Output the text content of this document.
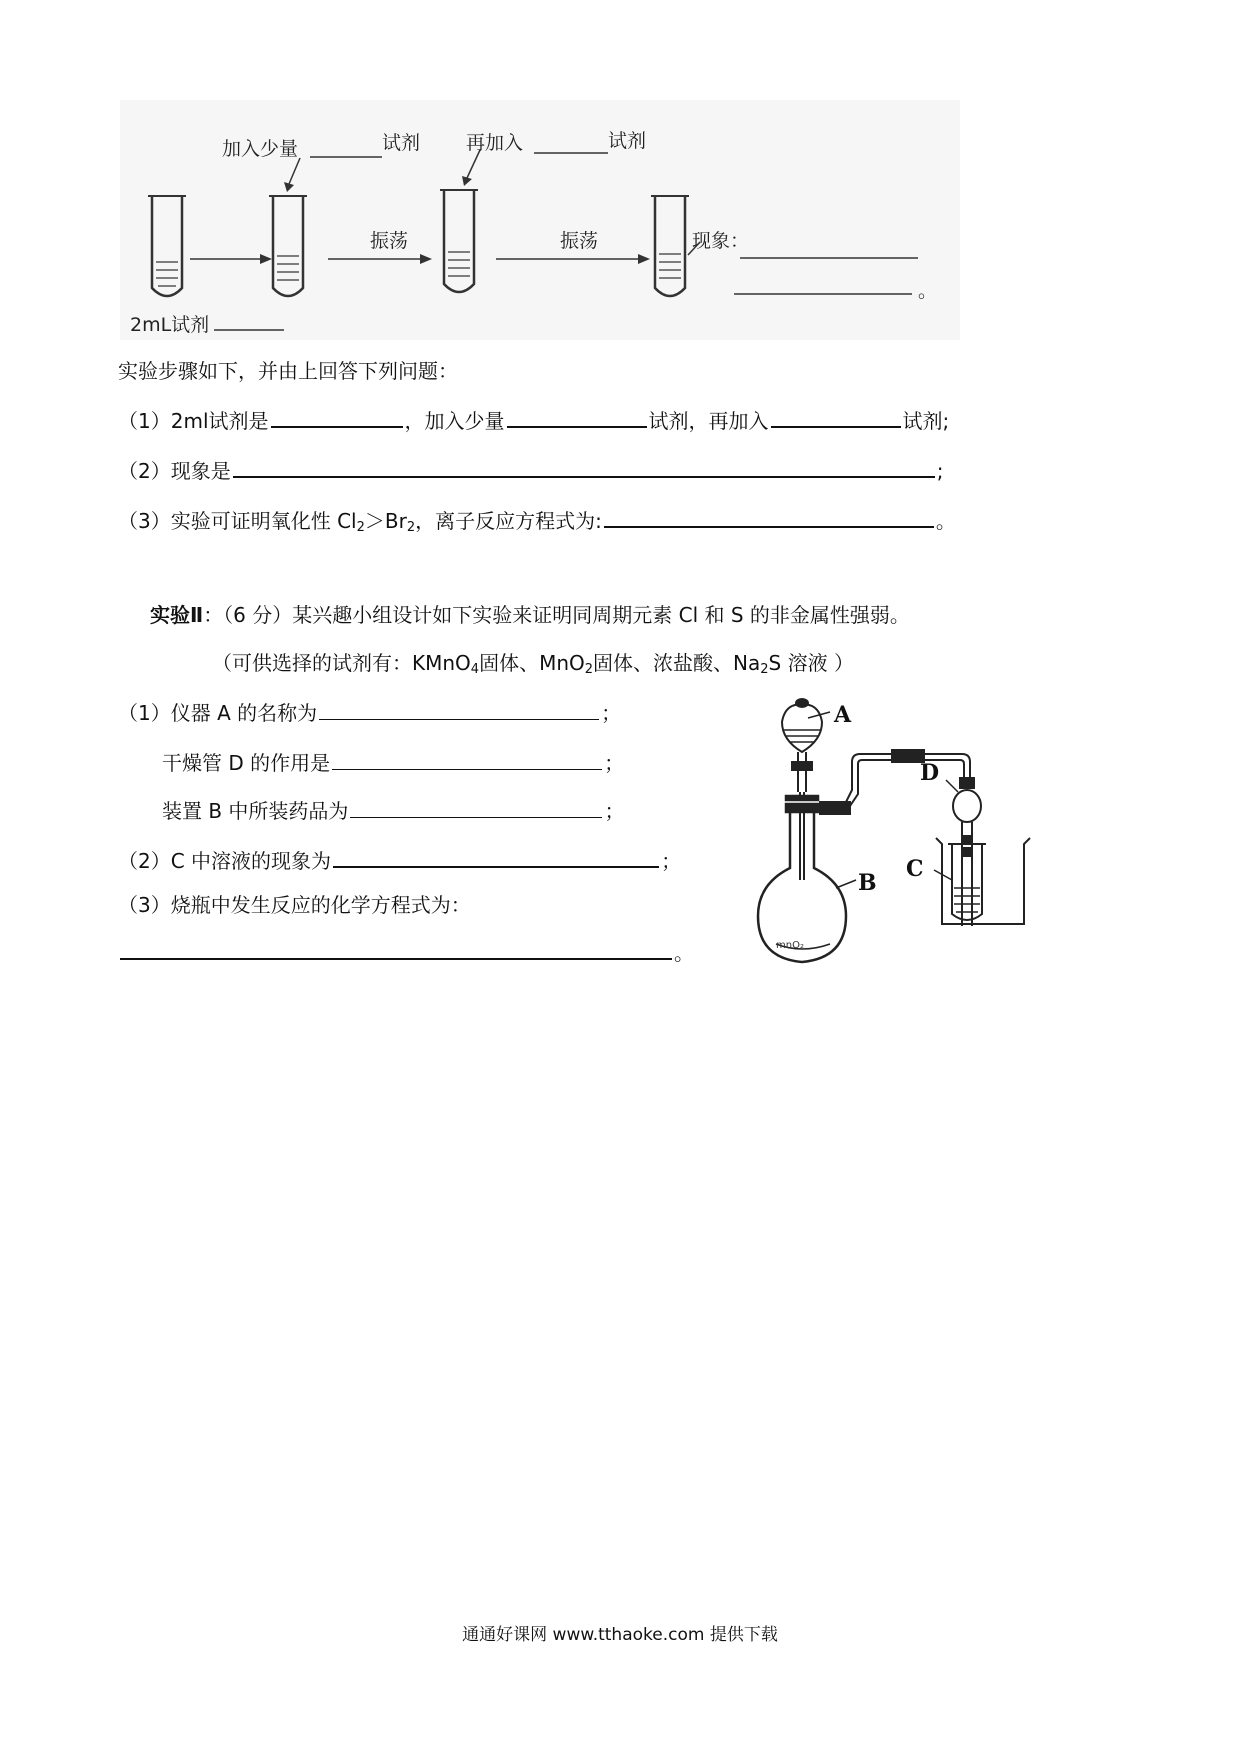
加入少量	试剂 再加入	试剂
振荡	振荡	现象：
。
2mL试剂
实验步骤如下，并由上回答下列问题：
（1）2ml试剂是	，加入少量	试剂，再加入	试剂;
（2）现象是	;
（3）实验可证明氧化性 $Cl_2>Br_2$，离子反应方程式为:	。
实验Ⅱ：（6 分）某兴趣小组设计如下实验来证明同周期元素 Cl 和 S 的非金属性强弱。
（可供选择的试剂有：KMnO$_4$固体、MnO$_2$固体、浓盐酸、$Na_2S$ 溶液 ）
（1）仪器 A 的名称为	；
干燥管 D 的作用是	；
装置 B 中所装药品为	；
（2）C 中溶液的现象为	；
（3）烧瓶中发生反应的化学方程式为：
。	mnO₂
A
B
C
D
通通好课网 www.tthaoke.com 提供下载
